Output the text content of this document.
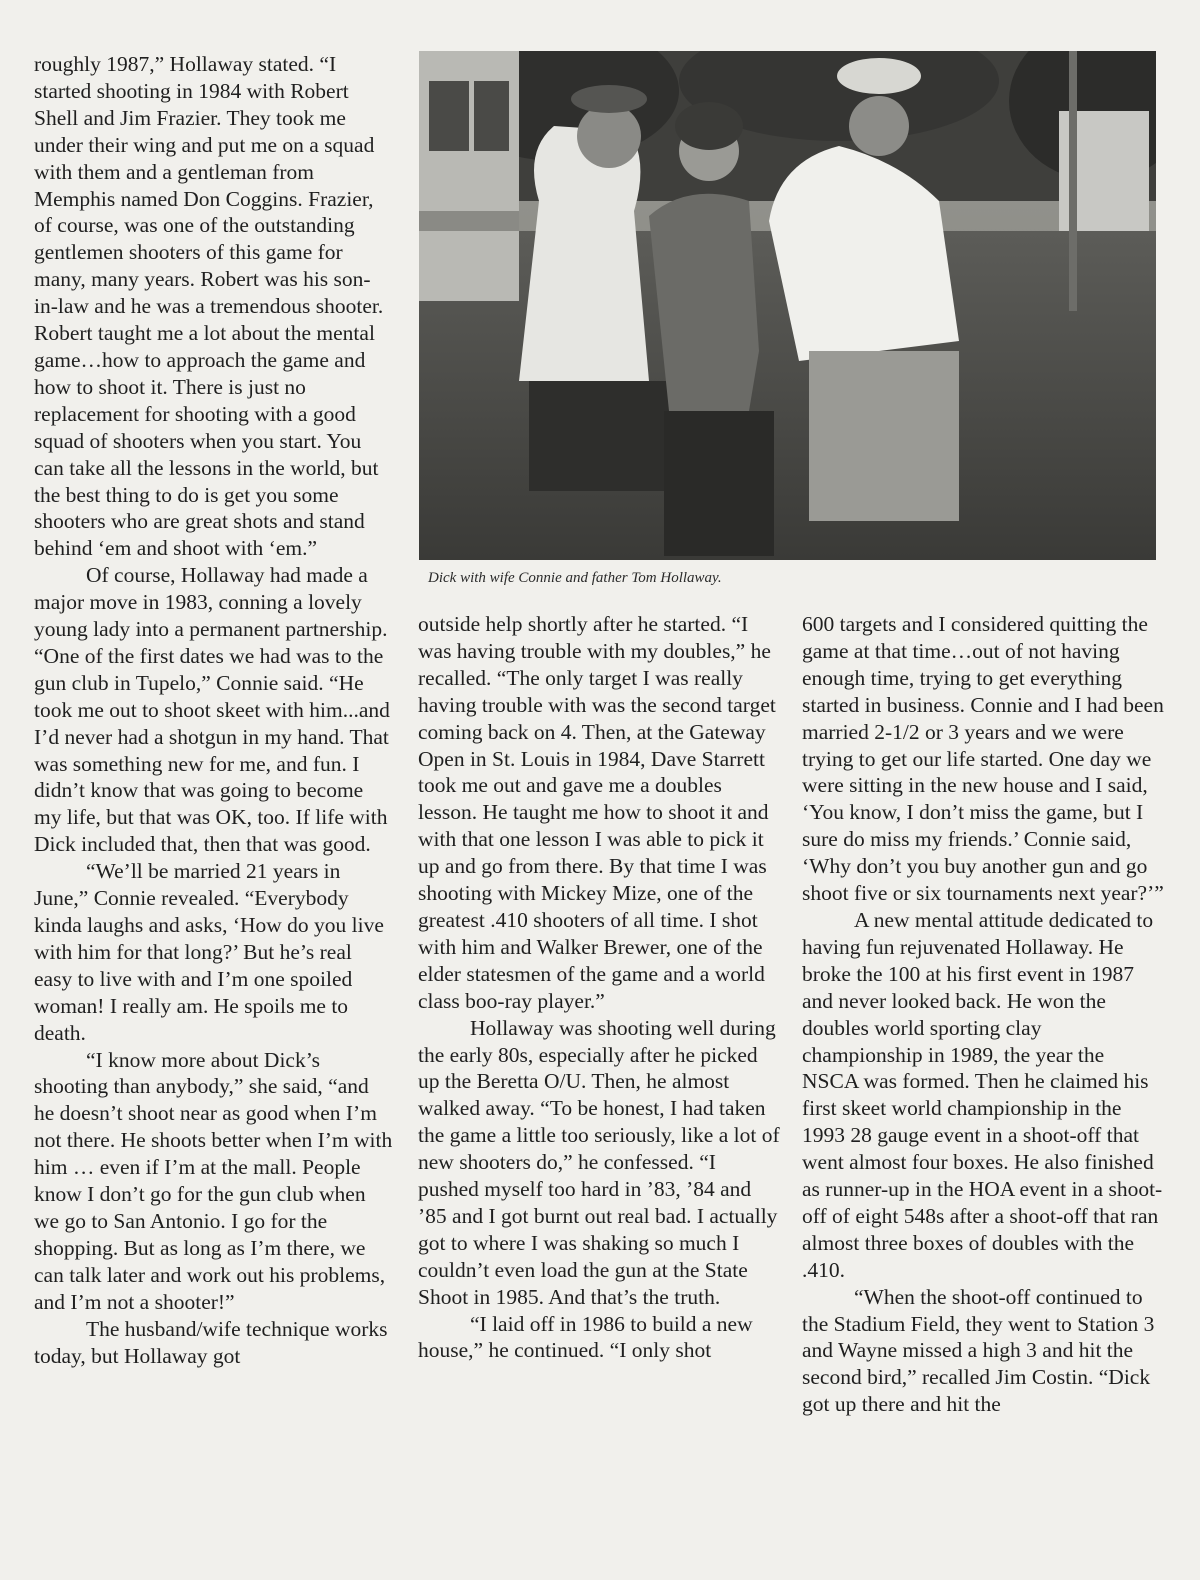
roughly 1987,” Hollaway stated. “I started shooting in 1984 with Robert Shell and Jim Frazier. They took me under their wing and put me on a squad with them and a gentleman from Memphis named Don Coggins. Frazier, of course, was one of the outstanding gentlemen shooters of this game for many, many years. Robert was his son-in-law and he was a tremendous shooter. Robert taught me a lot about the mental game…how to approach the game and how to shoot it. There is just no replacement for shooting with a good squad of shooters when you start. You can take all the lessons in the world, but the best thing to do is get you some shooters who are great shots and stand behind ‘em and shoot with ‘em.”

Of course, Hollaway had made a major move in 1983, conning a lovely young lady into a permanent partnership. “One of the first dates we had was to the gun club in Tupelo,” Connie said. “He took me out to shoot skeet with him...and I’d never had a shotgun in my hand. That was something new for me, and fun. I didn’t know that was going to become my life, but that was OK, too. If life with Dick included that, then that was good.

“We’ll be married 21 years in June,” Connie revealed. “Everybody kinda laughs and asks, ‘How do you live with him for that long?’ But he’s real easy to live with and I’m one spoiled woman! I really am. He spoils me to death.

“I know more about Dick’s shooting than anybody,” she said, “and he doesn’t shoot near as good when I’m not there. He shoots better when I’m with him … even if I’m at the mall. People know I don’t go for the gun club when we go to San Antonio. I go for the shopping. But as long as I’m there, we can talk later and work out his problems, and I’m not a shooter!”

The husband/wife technique works today, but Hollaway got

Dick with wife Connie and father Tom Hollaway.

outside help shortly after he started. “I was having trouble with my doubles,” he recalled. “The only target I was really having trouble with was the second target coming back on 4. Then, at the Gateway Open in St. Louis in 1984, Dave Starrett took me out and gave me a doubles lesson. He taught me how to shoot it and with that one lesson I was able to pick it up and go from there. By that time I was shooting with Mickey Mize, one of the greatest .410 shooters of all time. I shot with him and Walker Brewer, one of the elder statesmen of the game and a world class boo-ray player.”

Hollaway was shooting well during the early 80s, especially after he picked up the Beretta O/U. Then, he almost walked away. “To be honest, I had taken the game a little too seriously, like a lot of new shooters do,” he confessed. “I pushed myself too hard in ’83, ’84 and ’85 and I got burnt out real bad. I actually got to where I was shaking so much I couldn’t even load the gun at the State Shoot in 1985. And that’s the truth.

“I laid off in 1986 to build a new house,” he continued. “I only shot

600 targets and I considered quitting the game at that time…out of not having enough time, trying to get everything started in business. Connie and I had been married 2-1/2 or 3 years and we were trying to get our life started. One day we were sitting in the new house and I said, ‘You know, I don’t miss the game, but I sure do miss my friends.’ Connie said, ‘Why don’t you buy another gun and go shoot five or six tournaments next year?’”

A new mental attitude dedicated to having fun rejuvenated Hollaway. He broke the 100 at his first event in 1987 and never looked back. He won the doubles world sporting clay championship in 1989, the year the NSCA was formed. Then he claimed his first skeet world championship in the 1993 28 gauge event in a shoot-off that went almost four boxes. He also finished as runner-up in the HOA event in a shoot-off of eight 548s after a shoot-off that ran almost three boxes of doubles with the .410.

“When the shoot-off continued to the Stadium Field, they went to Station 3 and Wayne missed a high 3 and hit the second bird,” recalled Jim Costin. “Dick got up there and hit the
